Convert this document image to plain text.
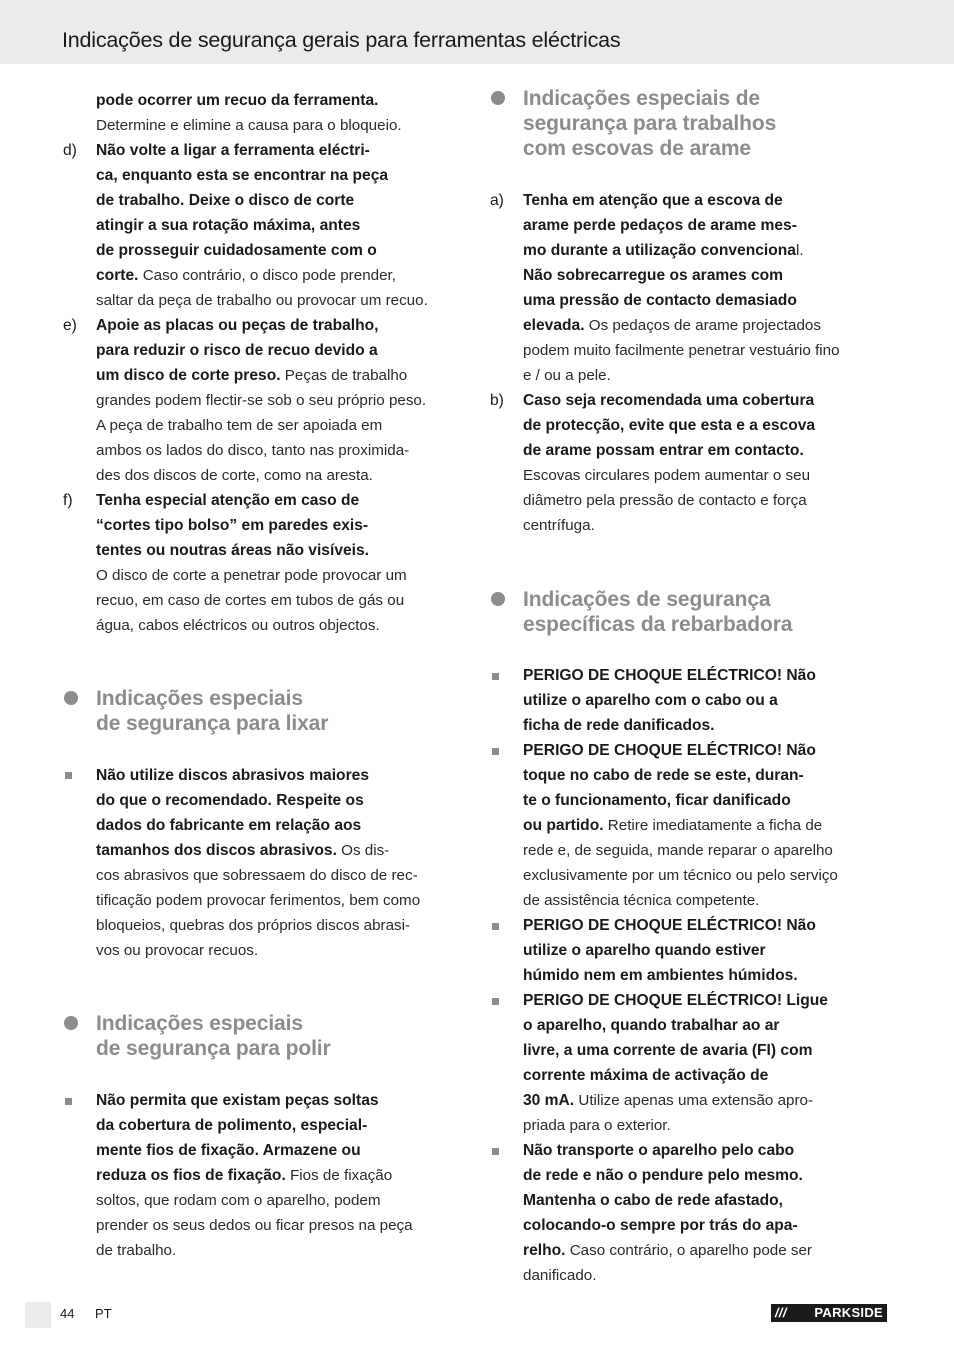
Indicações de segurança gerais para ferramentas eléctricas
pode ocorrer um recuo da ferramenta.
Determine e elimine a causa para o bloqueio.
d) Não volte a ligar a ferramenta eléctri-
ca, enquanto esta se encontrar na peça
de trabalho. Deixe o disco de corte
atingir a sua rotação máxima, antes
de prosseguir cuidadosamente com o
corte. Caso contrário, o disco pode prender,
saltar da peça de trabalho ou provocar um recuo.
e) Apoie as placas ou peças de trabalho,
para reduzir o risco de recuo devido a
um disco de corte preso. Peças de trabalho
grandes podem flectir-se sob o seu próprio peso.
A peça de trabalho tem de ser apoiada em
ambos os lados do disco, tanto nas proximida-
des dos discos de corte, como na aresta.
f) Tenha especial atenção em caso de
“cortes tipo bolso” em paredes exis-
tentes ou noutras áreas não visíveis.
O disco de corte a penetrar pode provocar um
recuo, em caso de cortes em tubos de gás ou
água, cabos eléctricos ou outros objectos.
Indicações especiais
de segurança para lixar
Não utilize discos abrasivos maiores
do que o recomendado. Respeite os
dados do fabricante em relação aos
tamanhos dos discos abrasivos. Os dis-
cos abrasivos que sobressaem do disco de rec-
tificação podem provocar ferimentos, bem como
bloqueios, quebras dos próprios discos abrasi-
vos ou provocar recuos.
Indicações especiais
de segurança para polir
Não permita que existam peças soltas
da cobertura de polimento, especial-
mente fios de fixação. Armazene ou
reduza os fios de fixação. Fios de fixação
soltos, que rodam com o aparelho, podem
prender os seus dedos ou ficar presos na peça
de trabalho.
Indicações especiais de
segurança para trabalhos
com escovas de arame
a) Tenha em atenção que a escova de
arame perde pedaços de arame mes-
mo durante a utilização convencional.
Não sobrecarregue os arames com
uma pressão de contacto demasiado
elevada. Os pedaços de arame projectados
podem muito facilmente penetrar vestuário fino
e / ou a pele.
b) Caso seja recomendada uma cobertura
de protecção, evite que esta e a escova
de arame possam entrar em contacto.
Escovas circulares podem aumentar o seu
diâmetro pela pressão de contacto e força
centrífuga.
Indicações de segurança
específicas da rebarbadora
PERIGO DE CHOQUE ELÉCTRICO! Não
utilize o aparelho com o cabo ou a
ficha de rede danificados.
PERIGO DE CHOQUE ELÉCTRICO! Não
toque no cabo de rede se este, duran-
te o funcionamento, ficar danificado
ou partido. Retire imediatamente a ficha de
rede e, de seguida, mande reparar o aparelho
exclusivamente por um técnico ou pelo serviço
de assistência técnica competente.
PERIGO DE CHOQUE ELÉCTRICO! Não
utilize o aparelho quando estiver
húmido nem em ambientes húmidos.
PERIGO DE CHOQUE ELÉCTRICO! Ligue
o aparelho, quando trabalhar ao ar
livre, a uma corrente de avaria (FI) com
corrente máxima de activação de
30 mA. Utilize apenas uma extensão apro-
priada para o exterior.
Não transporte o aparelho pelo cabo
de rede e não o pendure pelo mesmo.
Mantenha o cabo de rede afastado,
colocando-o sempre por trás do apa-
relho. Caso contrário, o aparelho pode ser
danificado.
44 PT	/// PARKSIDE
